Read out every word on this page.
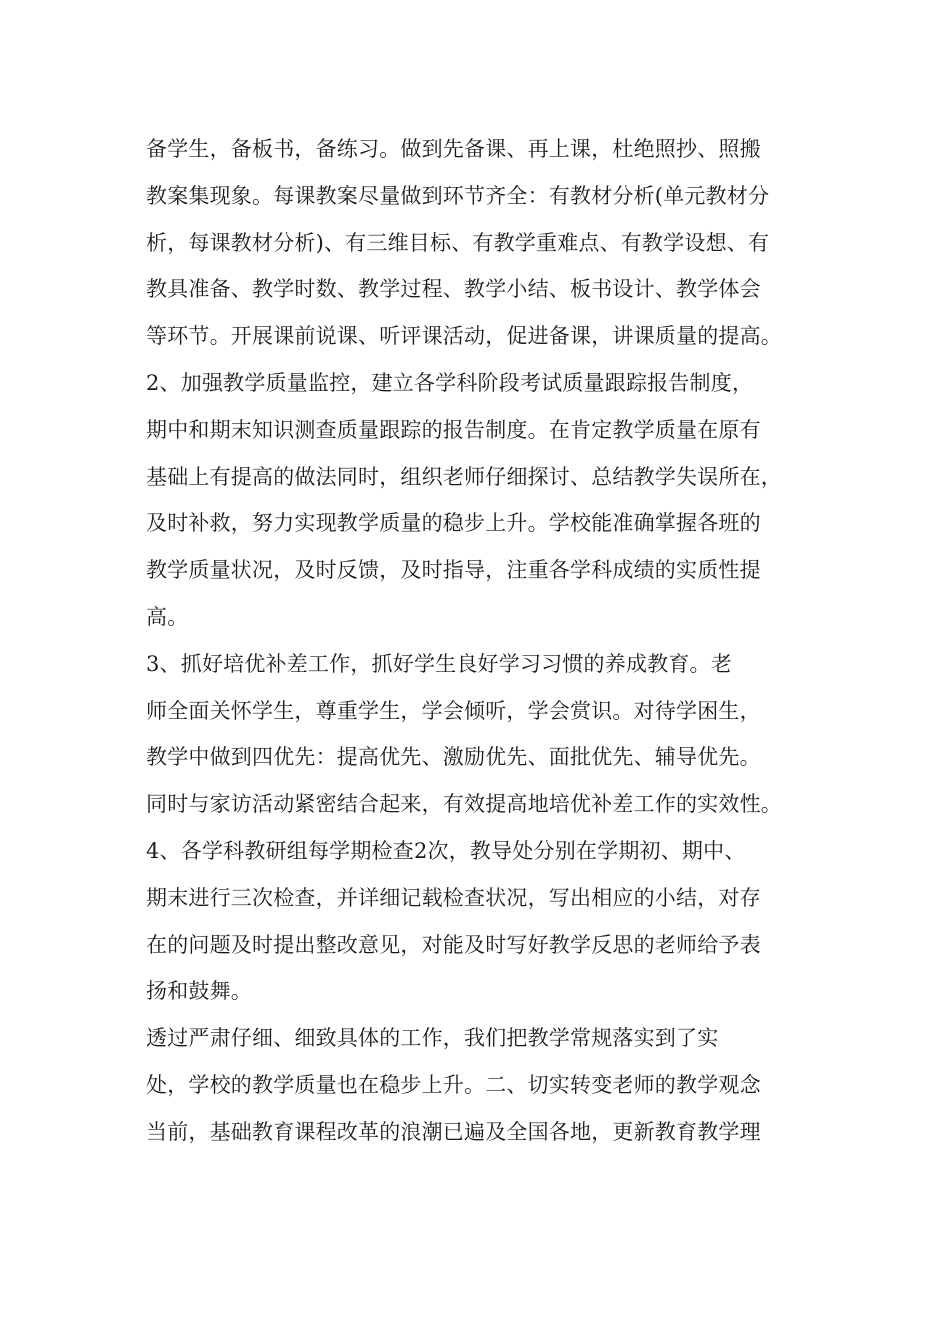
备学生，备板书，备练习。做到先备课、再上课，杜绝照抄、照搬
教案集现象。每课教案尽量做到环节齐全：有教材分析(单元教材分
析，每课教材分析)、有三维目标、有教学重难点、有教学设想、有
教具准备、教学时数、教学过程、教学小结、板书设计、教学体会
等环节。开展课前说课、听评课活动，促进备课，讲课质量的提高。
2、加强教学质量监控，建立各学科阶段考试质量跟踪报告制度，
期中和期末知识测查质量跟踪的报告制度。在肯定教学质量在原有
基础上有提高的做法同时，组织老师仔细探讨、总结教学失误所在，
及时补救，努力实现教学质量的稳步上升。学校能准确掌握各班的
教学质量状况，及时反馈，及时指导，注重各学科成绩的实质性提
高。
3、抓好培优补差工作，抓好学生良好学习习惯的养成教育。老
师全面关怀学生，尊重学生，学会倾听，学会赏识。对待学困生，
教学中做到四优先：提高优先、激励优先、面批优先、辅导优先。
同时与家访活动紧密结合起来，有效提高地培优补差工作的实效性。
4、各学科教研组每学期检查2次，教导处分别在学期初、期中、
期末进行三次检查，并详细记载检查状况，写出相应的小结，对存
在的问题及时提出整改意见，对能及时写好教学反思的老师给予表
扬和鼓舞。
透过严肃仔细、细致具体的工作，我们把教学常规落实到了实
处，学校的教学质量也在稳步上升。二、切实转变老师的教学观念
当前，基础教育课程改革的浪潮已遍及全国各地，更新教育教学理
